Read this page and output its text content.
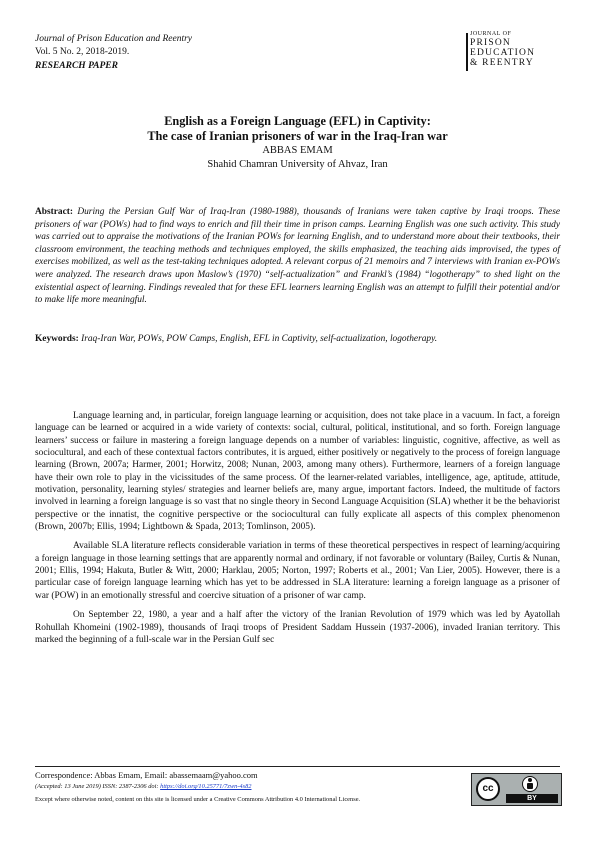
Journal of Prison Education and Reentry
Vol. 5 No. 2, 2018-2019.
RESEARCH PAPER
JOURNAL OF
PRISON
EDUCATION
& REENTRY
English as a Foreign Language (EFL) in Captivity:
The case of Iranian prisoners of war in the Iraq-Iran war
ABBAS EMAM
Shahid Chamran University of Ahvaz, Iran
Abstract: During the Persian Gulf War of Iraq-Iran (1980-1988), thousands of Iranians were taken captive by Iraqi troops. These prisoners of war (POWs) had to find ways to enrich and fill their time in prison camps. Learning English was one such activity. This study was carried out to appraise the motivations of the Iranian POWs for learning English, and to understand more about their textbooks, their classroom environment, the teaching methods and techniques employed, the skills emphasized, the teaching aids improvised, the types of exercises mobilized, as well as the test-taking techniques adopted. A relevant corpus of 21 memoirs and 7 interviews with Iranian ex-POWs were analyzed. The research draws upon Maslow’s (1970) “self-actualization” and Frankl’s (1984) “logotherapy” to shed light on the existential aspect of learning. Findings revealed that for these EFL learners learning English was an attempt to fulfill their potential and/or to make life more meaningful.
Keywords: Iraq-Iran War, POWs, POW Camps, English, EFL in Captivity, self-actualization, logotherapy.

Language learning and, in particular, foreign language learning or acquisition, does not take place in a vacuum. In fact, a foreign language can be learned or acquired in a wide variety of contexts: social, cultural, political, institutional, and so forth. Foreign language learners’ success or failure in mastering a foreign language depends on a number of variables: linguistic, cognitive, affective, as well as sociocultural, and each of these contextual factors contributes, it is argued, either positively or negatively to the process of foreign language learning (Brown, 2007a; Harmer, 2001; Horwitz, 2008; Nunan, 2003, among many others). Furthermore, learners of a foreign language have their own role to play in the vicissitudes of the same process. Of the learner-related variables, intelligence, age, aptitude, attitude, motivation, personality, learning styles/ strategies and learner beliefs are, many argue, important factors. Indeed, the multitude of factors involved in learning a foreign language is so vast that no single theory in Second Language Acquisition (SLA) whether it be the behaviorist perspective or the innatist, the cognitive perspective or the sociocultural can fully explicate all aspects of this complex phenomenon (Brown, 2007b; Ellis, 1994; Lightbown & Spada, 2013; Tomlinson, 2005).

Available SLA literature reflects considerable variation in terms of these theoretical perspectives in respect of learning/acquiring a foreign language in those learning settings that are apparently normal and ordinary, if not favorable or voluntary (Bailey, Curtis & Nunan, 2001; Ellis, 1994; Hakuta, Butler & Witt, 2000; Harklau, 2005; Norton, 1997; Roberts et al., 2001; Van Lier, 2005). However, there is a particular case of foreign language learning which has yet to be addressed in SLA literature: learning a foreign language as a prisoner of war (POW) in an emotionally stressful and coercive situation of a prisoner of war camp.

On September 22, 1980, a year and a half after the victory of the Iranian Revolution of 1979 which was led by Ayatollah Rohullah Khomeini (1902-1989), thousands of Iraqi troops of President Saddam Hussein (1937-2006), invaded Iranian territory. This marked the beginning of a full-scale war in the Persian Gulf sec

Correspondence: Abbas Emam, Email: abassemaam@yahoo.com
(Accepted: 13 June 2019) ISSN: 2387-2306 doi: https://doi.org/10.25771/7zwn-4s82
Except where otherwise noted, content on this site is licensed under a Creative Commons Attribution 4.0 International License.
cc
BY
